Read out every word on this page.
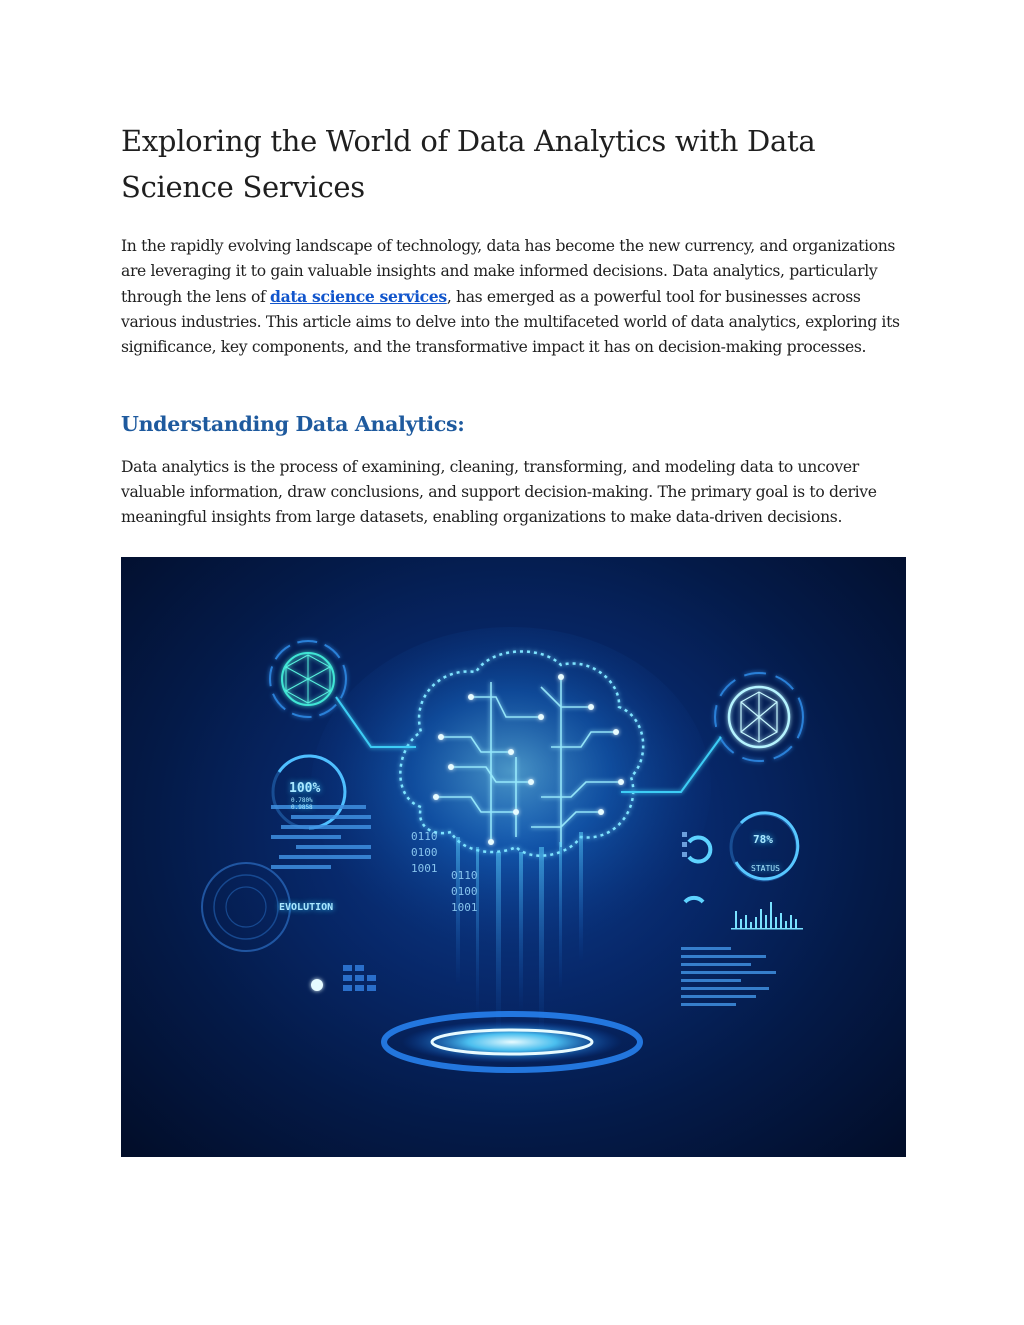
Exploring the World of Data Analytics with Data Science Services

In the rapidly evolving landscape of technology, data has become the new currency, and organizations are leveraging it to gain valuable insights and make informed decisions. Data analytics, particularly through the lens of data science services, has emerged as a powerful tool for businesses across various industries. This article aims to delve into the multifaceted world of data analytics, exploring its significance, key components, and the transformative impact it has on decision-making processes.

Understanding Data Analytics:

Data analytics is the process of examining, cleaning, transforming, and modeling data to uncover valuable information, draw conclusions, and support decision-making. The primary goal is to derive meaningful insights from large datasets, enabling organizations to make data-driven decisions.

0110
0100
1001
0110
0100
1001
100%
0.780%
0.9858
EVOLUTION
78%
STATUS
